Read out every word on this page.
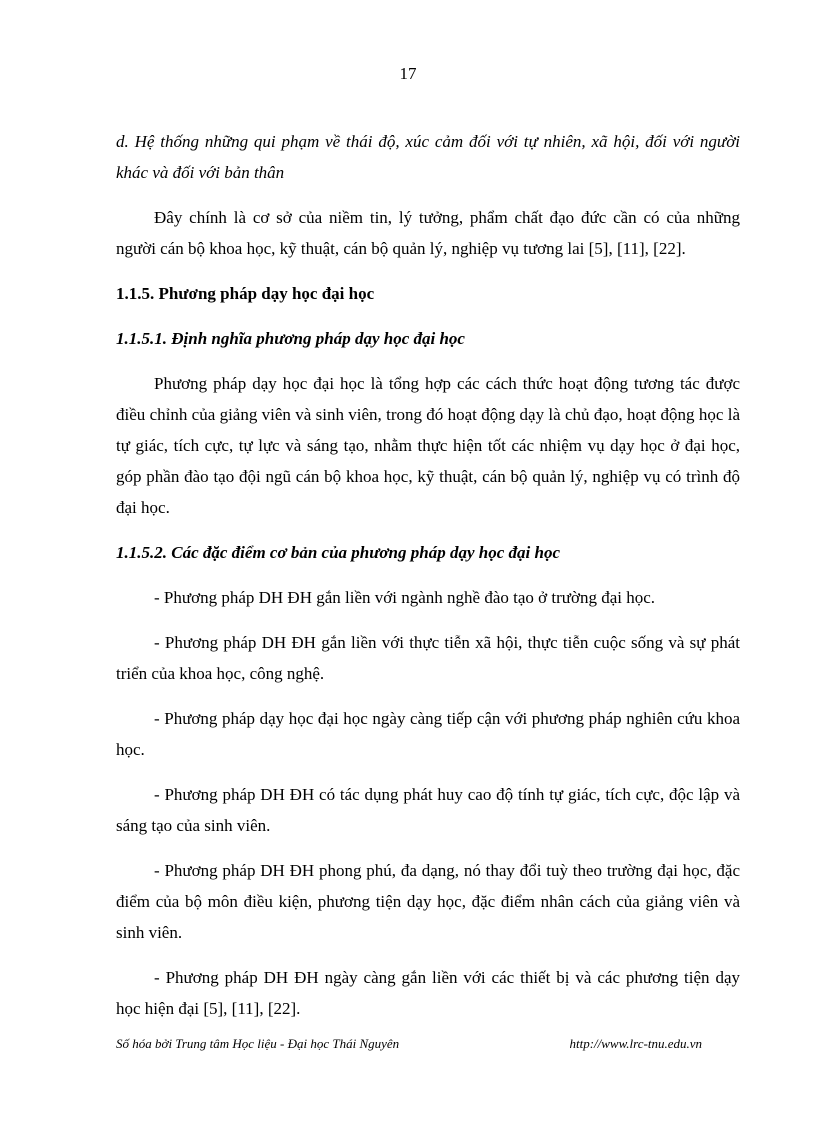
17

d. Hệ thống những qui phạm về thái độ, xúc cảm đối với tự nhiên, xã hội, đối với người khác và đối với bản thân

Đây chính là cơ sở của niềm tin, lý tưởng, phẩm chất đạo đức cần có của những người cán bộ khoa học, kỹ thuật, cán bộ quản lý, nghiệp vụ tương lai [5], [11], [22].

1.1.5. Phương pháp dạy học đại học
1.1.5.1. Định nghĩa phương pháp dạy học đại học

Phương pháp dạy học đại học là tổng hợp các cách thức hoạt động tương tác được điều chỉnh của giảng viên và sinh viên, trong đó hoạt động dạy là chủ đạo, hoạt động học là tự giác, tích cực, tự lực và sáng tạo, nhằm thực hiện tốt các nhiệm vụ dạy học ở đại học, góp phần đào tạo đội ngũ cán bộ khoa học, kỹ thuật, cán bộ quản lý, nghiệp vụ có trình độ đại học.

1.1.5.2. Các đặc điểm cơ bản của phương pháp dạy học đại học

- Phương pháp DH ĐH gắn liền với ngành nghề đào tạo ở trường đại học.

- Phương pháp DH ĐH gắn liền với thực tiễn xã hội, thực tiễn cuộc sống và sự phát triển của khoa học, công nghệ.

- Phương pháp dạy học đại học ngày càng tiếp cận với phương pháp nghiên cứu khoa học.

- Phương pháp DH ĐH có tác dụng phát huy cao độ tính tự giác, tích cực, độc lập và sáng tạo của sinh viên.

- Phương pháp DH ĐH phong phú, đa dạng, nó thay đổi tuỳ theo trường đại học, đặc điểm của bộ môn điều kiện, phương tiện dạy học, đặc điểm nhân cách của giảng viên và sinh viên.

- Phương pháp DH ĐH ngày càng gắn liền với các thiết bị và các phương tiện dạy học hiện đại [5], [11], [22].

Số hóa bởi Trung tâm Học liệu - Đại học Thái Nguyên	http://www.lrc-tnu.edu.vn
